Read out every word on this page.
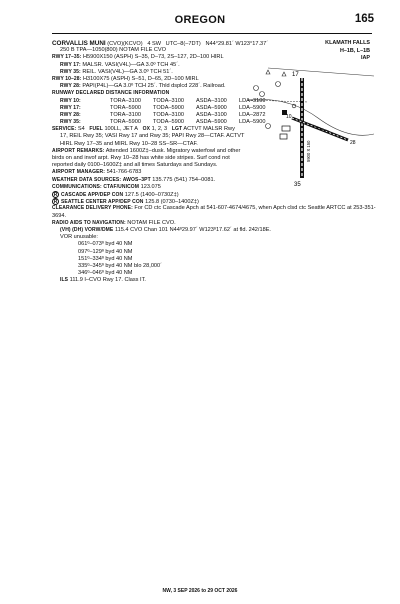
OREGON	165
KLAMATH FALLS
H–1B, L–1B
IAP
CORVALLIS MUNI (CVO)(KCVO) 4 SW UTC–8(–7DT) N44°29.81´ W123°17.37´
250 B TPA—1050(800) NOTAM FILE CVO
RWY 17–35: H5900X150 (ASPH) S–35, D–73, 2S–127, 2D–100 HIRL
RWY 17: MALSR. VASI(V4L)—GA 3.0º TCH 45´.
RWY 35: REIL. VASI(V4L)—GA 3.0º TCH 51´.
RWY 10–28: H3100X75 (ASPH) S–51, D–65, 2D–100 MIRL
RWY 28: PAPI(P4L)—GA 3.0º TCH 25´. Thld dsplcd 228´. Railroad.
RUNWAY DECLARED DISTANCE INFORMATION
RWY 10:	TORA–3100 TODA–3100 ASDA–3100 LDA–3100
RWY 17:	TORA–5900 TODA–5900 ASDA–5900 LDA–5900
RWY 28:	TORA–3100 TODA–3100 ASDA–3100 LDA–2872
RWY 35:	TORA–5900 TODA–5900 ASDA–5900 LDA–5900
SERVICE: S4 FUEL 100LL, JET A OX 1, 2, 3 LGT ACTVT MALSR Rwy
17, REIL Rwy 35; VASI Rwy 17 and Rwy 35; PAPI Rwy 28—CTAF. ACTVT HIRL Rwy 17–35 and MIRL Rwy 10–28 SS–SR—CTAF.
AIRPORT REMARKS: Attended 1600Z‡–dusk. Migratory waterfowl and other birds on and invof arpt. Rwy 10–28 has white side stripes. Surf cond not reported daily 0100–1600Z‡ and all times Saturdays and Sundays.
AIRPORT MANAGER: 541-766-6783
WEATHER DATA SOURCES: AWOS–3PT 135.775 (541) 754–0081.
COMMUNICATIONS: CTAF/UNICOM 123.075
R CASCADE APP/DEP CON 127.5 (1400–0730Z‡)
R SEATTLE CENTER APP/DEP CON 125.8 (0730–1400Z‡)
CLEARANCE DELIVERY PHONE: For CD ctc Cascade Apch at 541-607-4674/4675, when Apch clsd ctc Seattle ARTCC at 253-351-3694.
RADIO AIDS TO NAVIGATION: NOTAM FILE CVO.
(VH) (DH) VORW/DME 115.4 CVO Chan 101 N44º29.97´ W123º17.62´ at fld. 242/18E.
VOR unusable:
061º–073º byd 40 NM
097º–129º byd 40 NM
151º–334º byd 40 NM
335º–345º byd 40 NM blo 28,000´
346º–046º byd 40 NM
ILS 111.9 I–CVO Rwy 17. Class IT.
17
35
5900 X 150
10
28
3100 X 75
NW, 3 SEP 2026 to 29 OCT 2026
